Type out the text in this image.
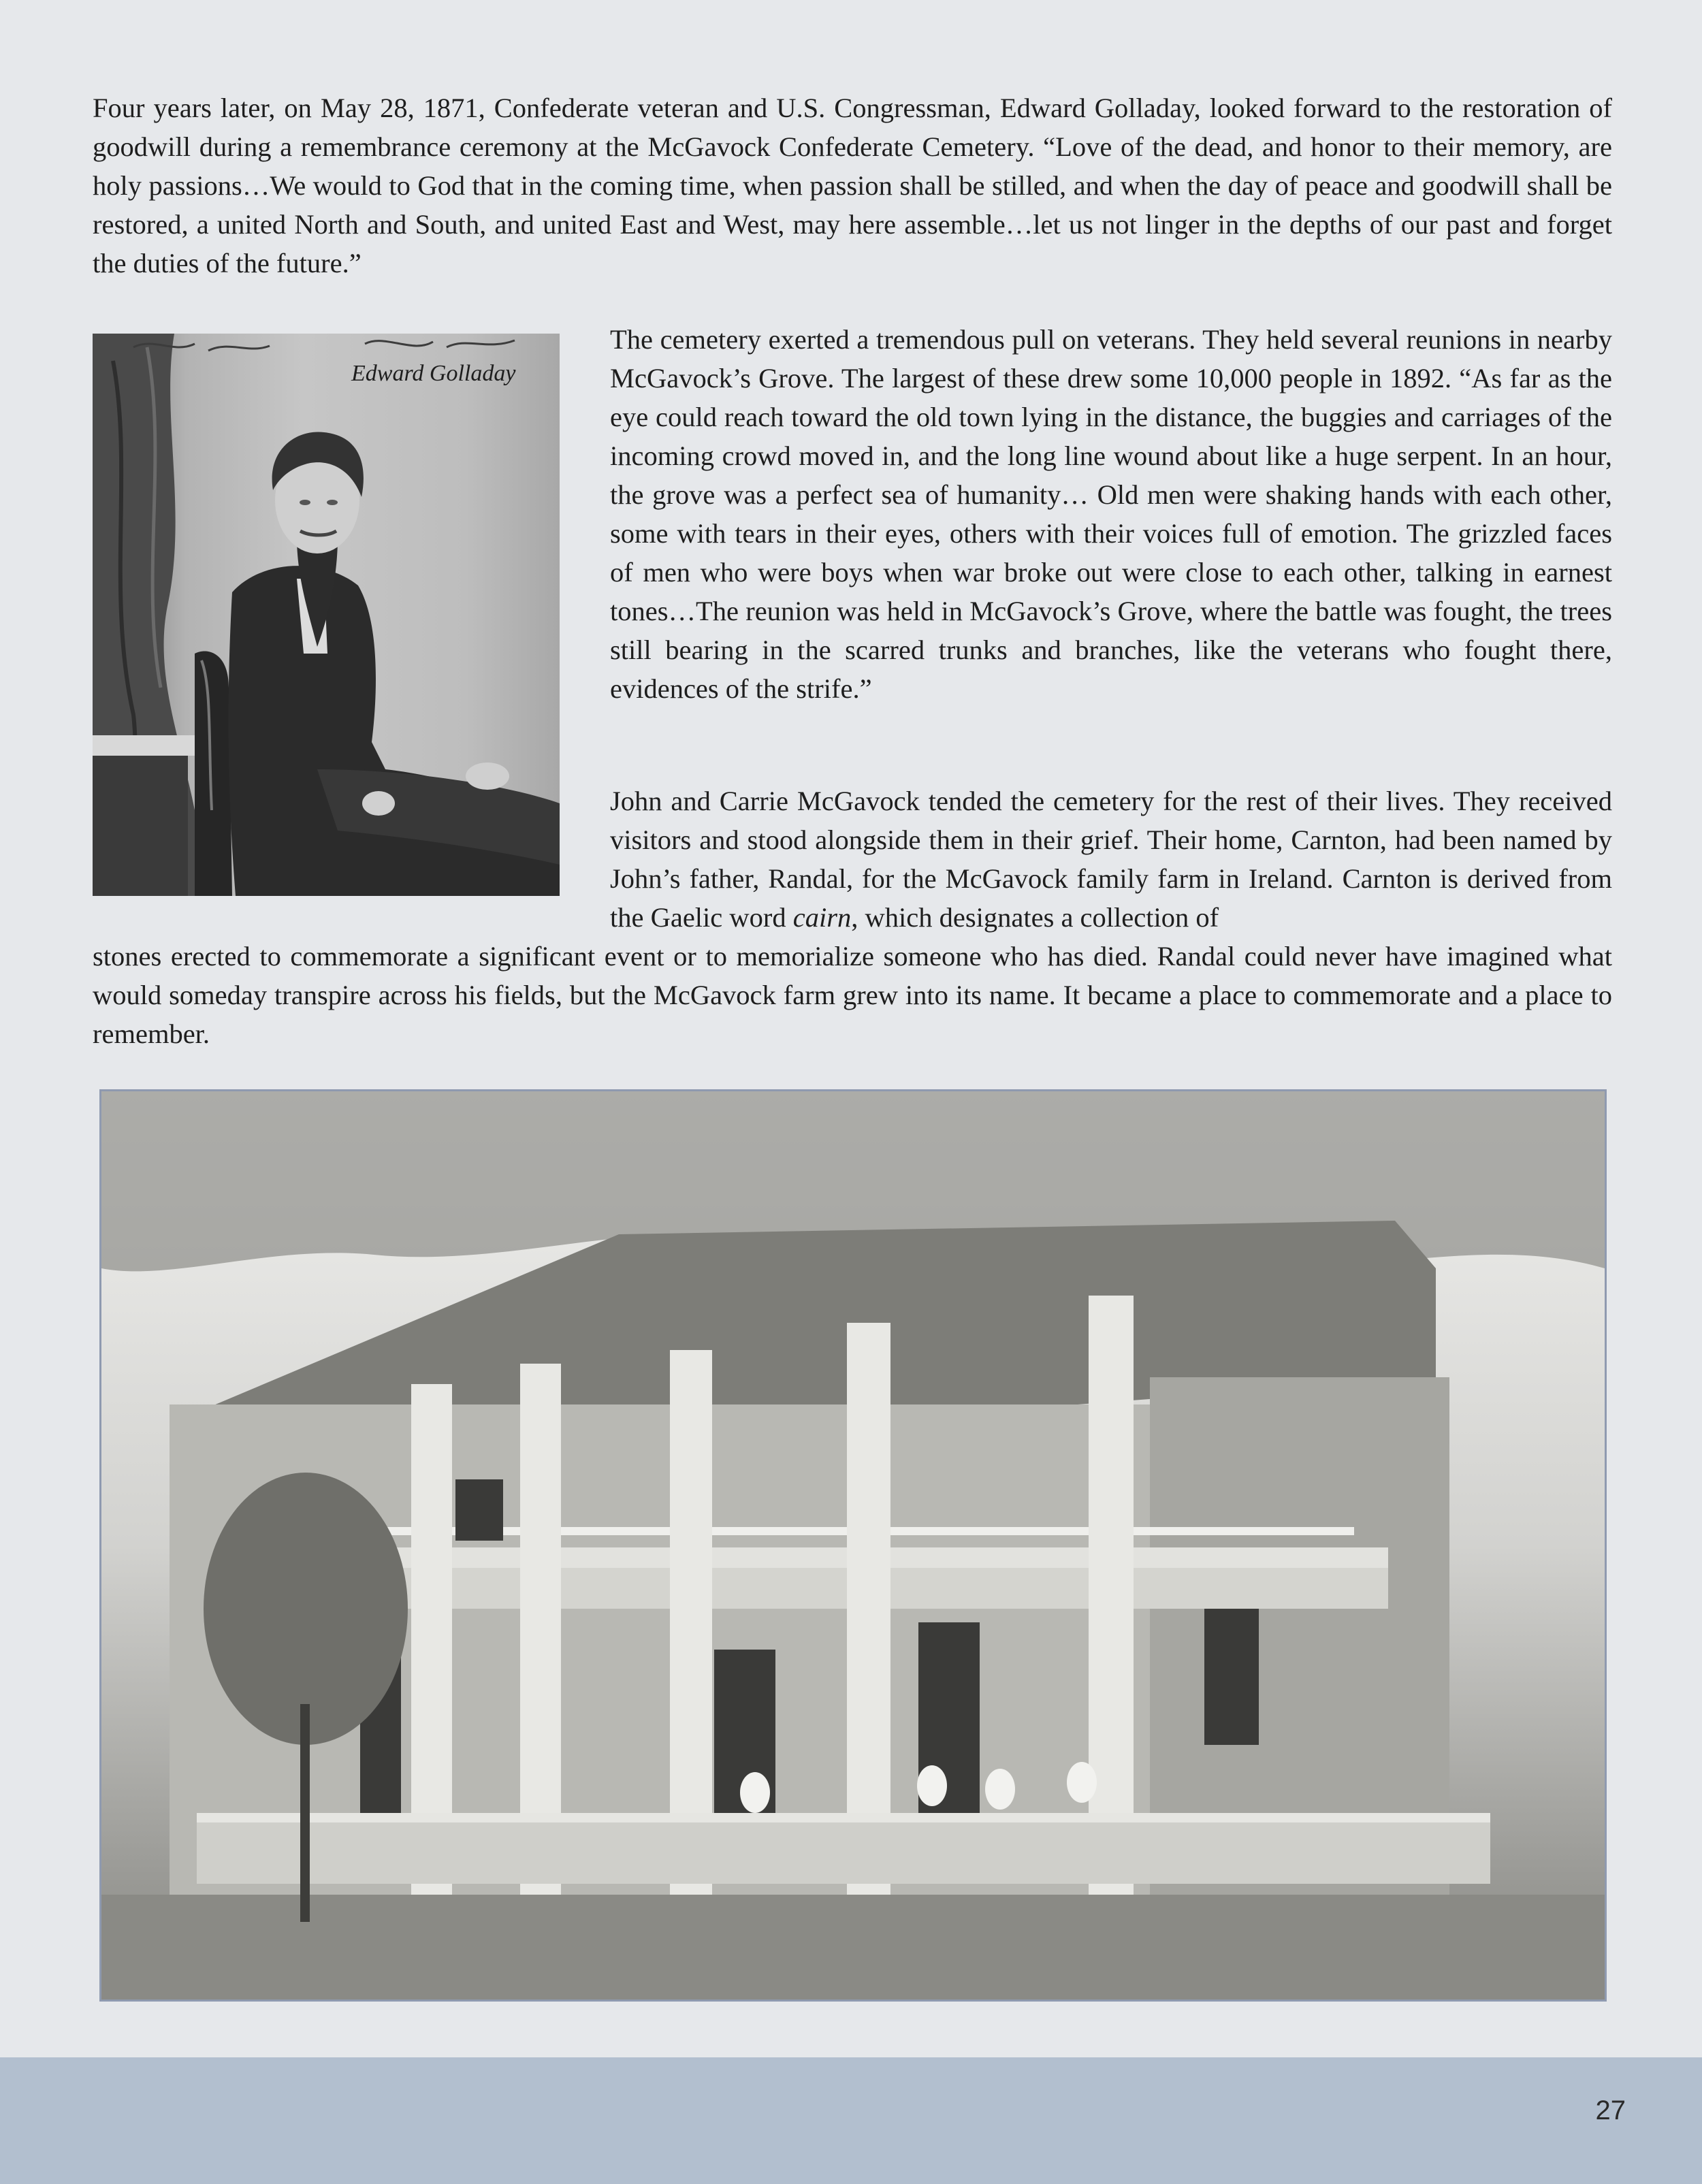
Four years later, on May 28, 1871, Confederate veteran and U.S. Congressman, Edward Golladay, looked forward to the restoration of goodwill during a remembrance ceremony at the McGavock Confederate Cemetery. “Love of the dead, and honor to their memory, are holy passions…We would to God that in the coming time, when passion shall be stilled, and when the day of peace and goodwill shall be restored, a united North and South, and united East and West, may here assemble…let us not linger in the depths of our past and forget the duties of the future.”

Edward Golladay

The cemetery exerted a tremendous pull on veterans. They held several reunions in nearby McGavock’s Grove. The largest of these drew some 10,000 people in 1892. “As far as the eye could reach toward the old town lying in the distance, the buggies and carriages of the incoming crowd moved in, and the long line wound about like a huge serpent. In an hour, the grove was a perfect sea of humanity… Old men were shaking hands with each other, some with tears in their eyes, others with their voices full of emotion. The grizzled faces of men who were boys when war broke out were close to each other, talking in earnest tones…The reunion was held in McGavock’s Grove, where the battle was fought, the trees still bearing in the scarred trunks and branches, like the veterans who fought there, evidences of the strife.”

John and Carrie McGavock tended the cemetery for the rest of their lives. They received visitors and stood alongside them in their grief. Their home, Carnton, had been named by John’s father, Randal, for the McGavock family farm in Ireland. Carnton is derived from the Gaelic word cairn, which designates a collection of

stones erected to commemorate a significant event or to memorialize someone who has died. Randal could never have imagined what would someday transpire across his fields, but the McGavock farm grew into its name. It became a place to commemorate and a place to remember.

27
